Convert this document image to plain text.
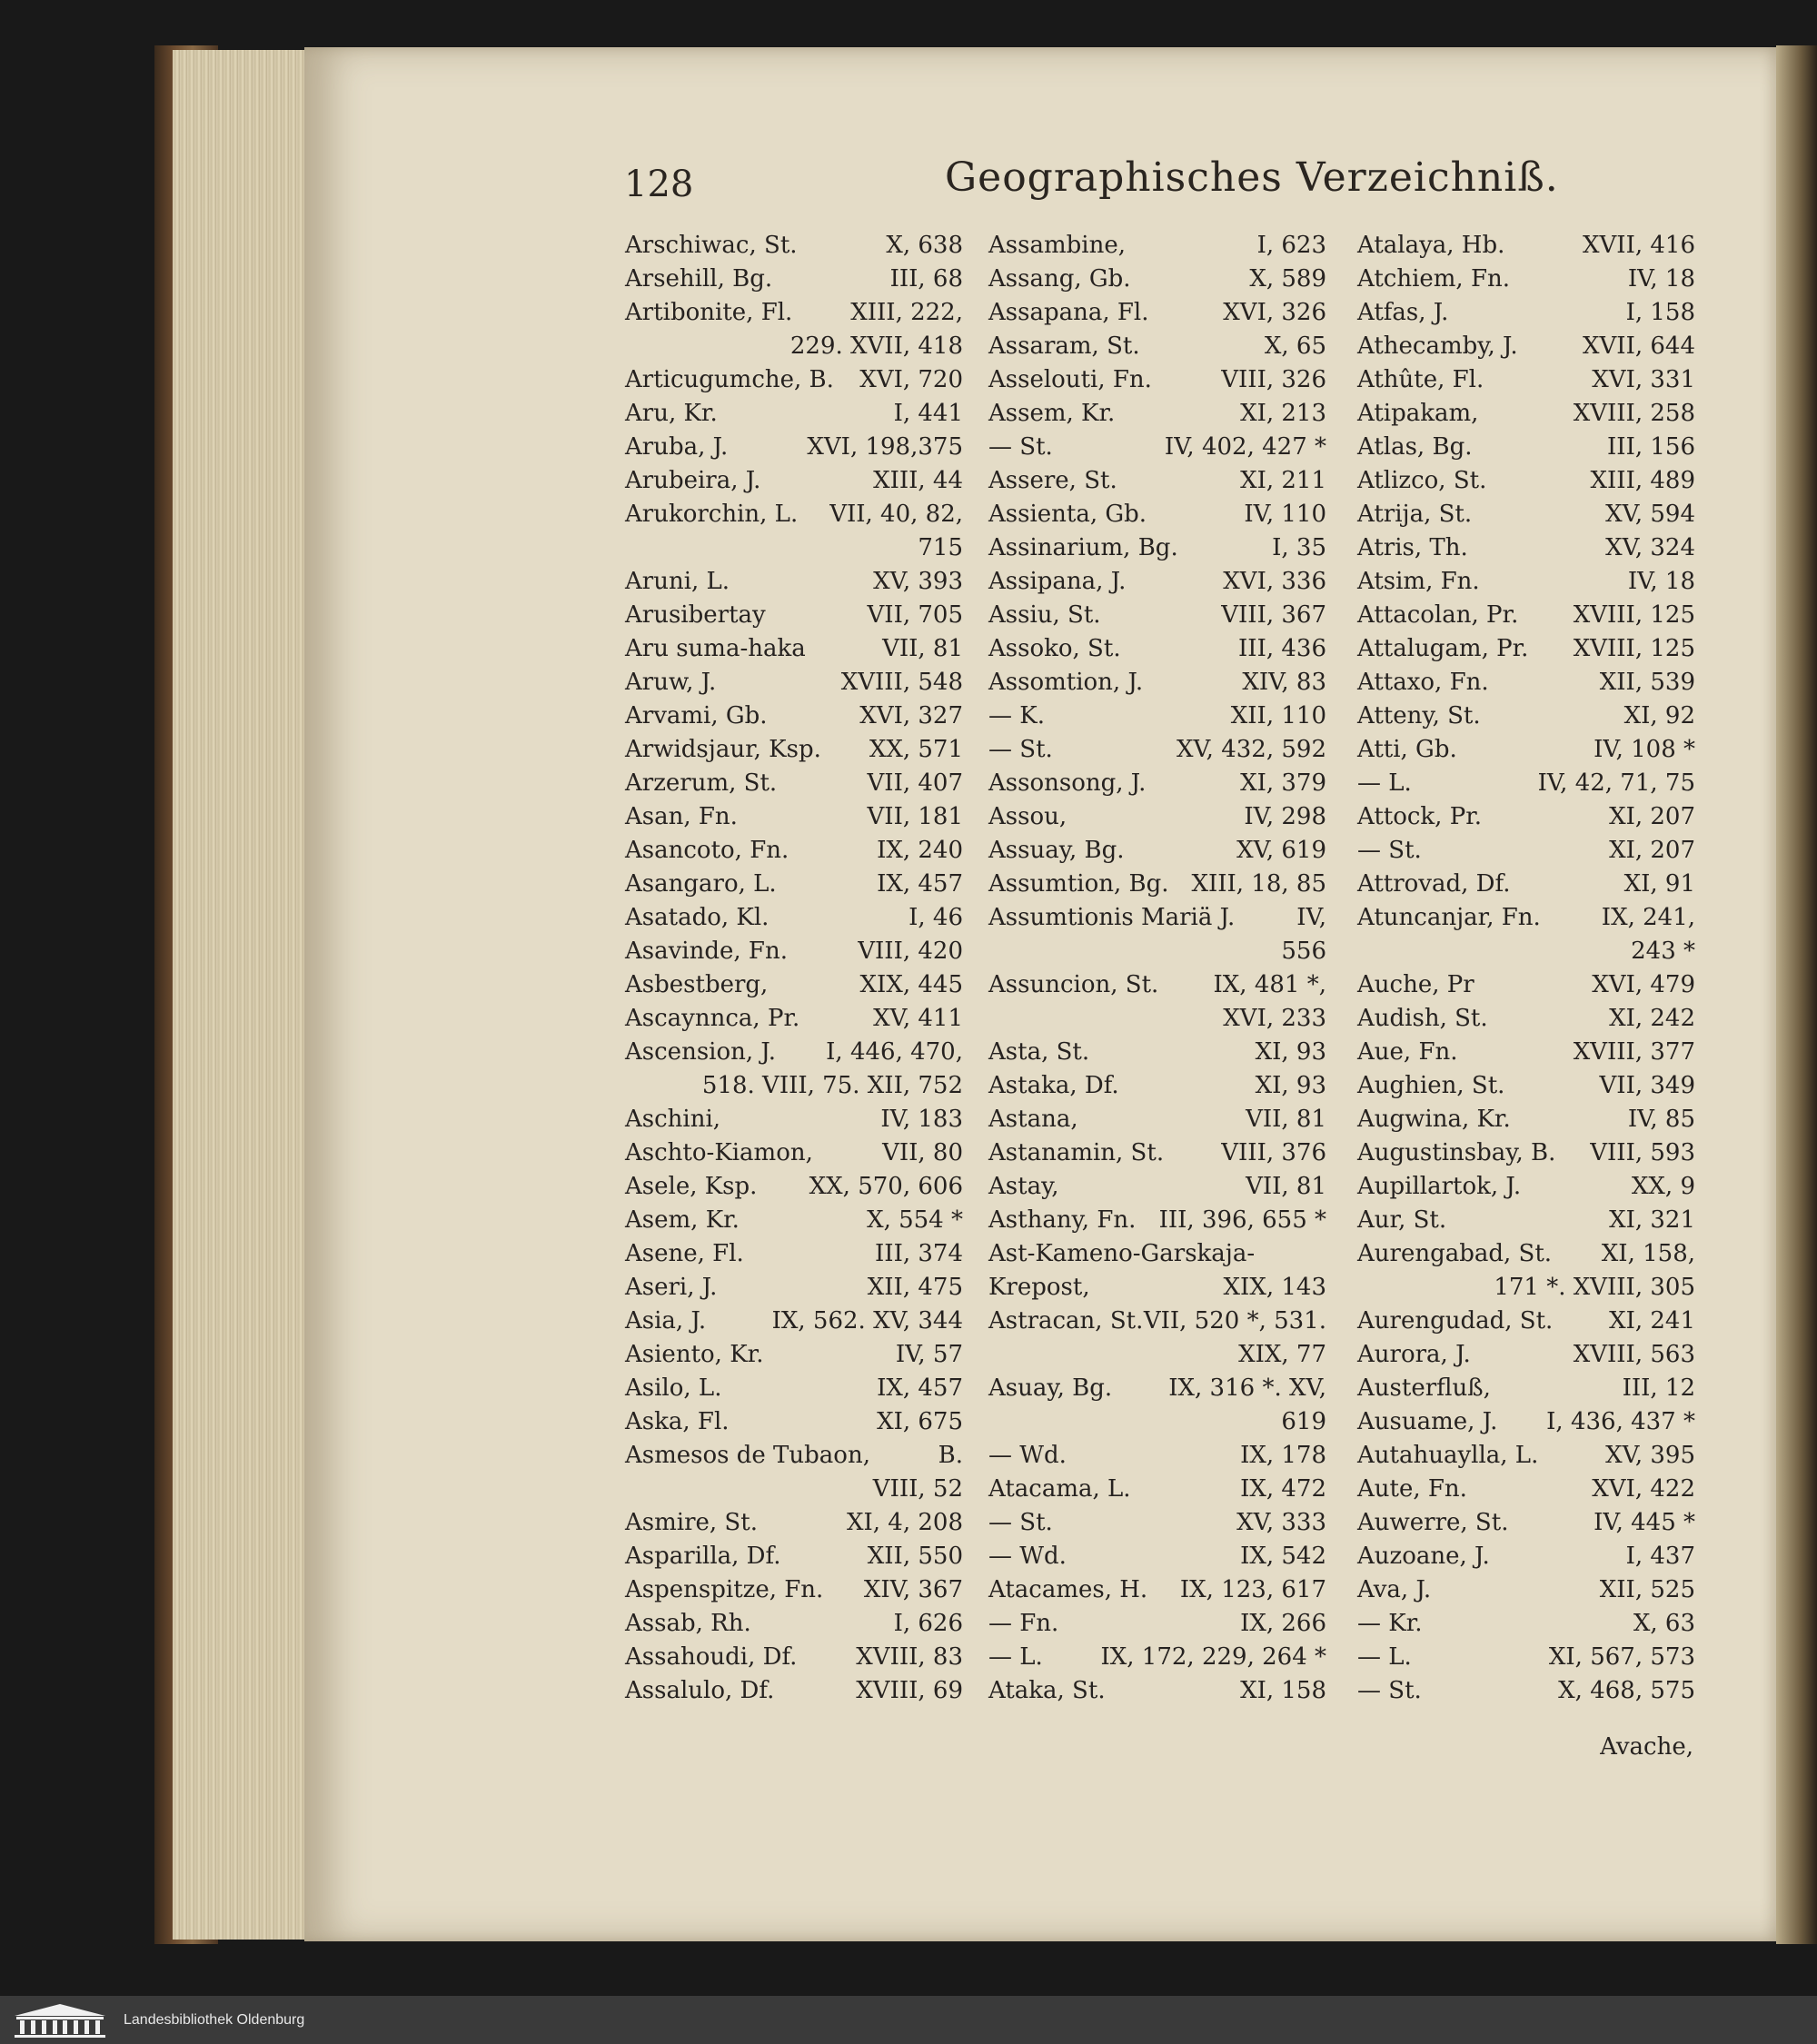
128	Geographisches Verzeichniß.
Arschiwac, St.	X, 638
Arsehill, Bg.	III, 68
Artibonite, Fl. XIII, 222,
229. XVII, 418
Articugumche, B. XVI, 720
Aru, Kr.	I, 441
Aruba, J.	XVI, 198,375
Arubeira, J.	XIII, 44
Arukorchin, L. VII, 40, 82,
715
Aruni, L.	XV, 393
Arusibertay	VII, 705
Aru suma-haka	VII, 81
Aruw, J.	XVIII, 548
Arvami, Gb.	XVI, 327
Arwidsjaur, Ksp. XX, 571
Arzerum, St.	VII, 407
Asan, Fn.	VII, 181
Asancoto, Fn.	IX, 240
Asangaro, L.	IX, 457
Asatado, Kl.	I, 46
Asavinde, Fn.	VIII, 420
Asbestberg,	XIX, 445
Ascaynnca, Pr.	XV, 411
Ascension, J. I, 446, 470,
518. VIII, 75. XII, 752
Aschini,	IV, 183
Aschto-Kiamon,	VII, 80
Asele, Ksp. XX, 570, 606
Asem, Kr.	X, 554 *
Asene, Fl.	III, 374
Aseri, J.	XII, 475
Asia, J.	IX, 562. XV, 344
Asiento, Kr.	IV, 57
Asilo, L.	IX, 457
Aska, Fl.	XI, 675
Asmesos de Tubaon,	B.
VIII, 52
Asmire, St.	XI, 4, 208
Asparilla, Df.	XII, 550
Aspenspitze, Fn. XIV, 367
Assab, Rh.	I, 626
Assahoudi, Df. XVIII, 83
Assalulo, Df.	XVIII, 69
Assambine,	I, 623
Assang, Gb.	X, 589
Assapana, Fl.	XVI, 326
Assaram, St.	X, 65
Asselouti, Fn.	VIII, 326
Assem, Kr.	XI, 213
— St.	IV, 402, 427 *
Assere, St.	XI, 211
Assienta, Gb.	IV, 110
Assinarium, Bg.	I, 35
Assipana, J.	XVI, 336
Assiu, St.	VIII, 367
Assoko, St.	III, 436
Assomtion, J.	XIV, 83
— K.	XII, 110
— St.	XV, 432, 592
Assonsong, J.	XI, 379
Assou,	IV, 298
Assuay, Bg.	XV, 619
Assumtion, Bg. XIII, 18, 85
Assumtionis Mariä J.	IV,
556
Assuncion, St. IX, 481 *,
XVI, 233
Asta, St.	XI, 93
Astaka, Df.	XI, 93
Astana,	VII, 81
Astanamin, St. VIII, 376
Astay,	VII, 81
Asthany, Fn. III, 396, 655 *
Ast-Kameno-Garskaja-
Krepost,	XIX, 143
Astracan, St. VII, 520 *, 531.
XIX, 77
Asuay, Bg. IX, 316 *. XV,
619
— Wd.	IX, 178
Atacama, L.	IX, 472
— St.	XV, 333
— Wd.	IX, 542
Atacames, H. IX, 123, 617
— Fn.	IX, 266
— L. IX, 172, 229, 264 *
Ataka, St.	XI, 158
Atalaya, Hb.	XVII, 416
Atchiem, Fn.	IV, 18
Atfas, J.	I, 158
Athecamby, J.	XVII, 644
Athûte, Fl.	XVI, 331
Atipakam,	XVIII, 258
Atlas, Bg.	III, 156
Atlizco, St.	XIII, 489
Atrija, St.	XV, 594
Atris, Th.	XV, 324
Atsim, Fn.	IV, 18
Attacolan, Pr. XVIII, 125
Attalugam, Pr. XVIII, 125
Attaxo, Fn.	XII, 539
Atteny, St.	XI, 92
Atti, Gb.	IV, 108 *
— L.	IV, 42, 71, 75
Attock, Pr.	XI, 207
— St.	XI, 207
Attrovad, Df.	XI, 91
Atuncanjar, Fn.	IX, 241,
243 *
Auche, Pr	XVI, 479
Audish, St.	XI, 242
Aue, Fn.	XVIII, 377
Aughien, St.	VII, 349
Augwina, Kr.	IV, 85
Augustinsbay, B. VIII, 593
Aupillartok, J.	XX, 9
Aur, St.	XI, 321
Aurengabad, St. XI, 158,
171 *. XVIII, 305
Aurengudad, St. XI, 241
Aurora, J.	XVIII, 563
Austerfluß,	III, 12
Ausuame, J. I, 436, 437 *
Autahuaylla, L.	XV, 395
Aute, Fn.	XVI, 422
Auwerre, St.	IV, 445 *
Auzoane, J.	I, 437
Ava, J.	XII, 525
— Kr.	X, 63
— L.	XI, 567, 573
— St.	X, 468, 575
Avache,
Landesbibliothek Oldenburg
